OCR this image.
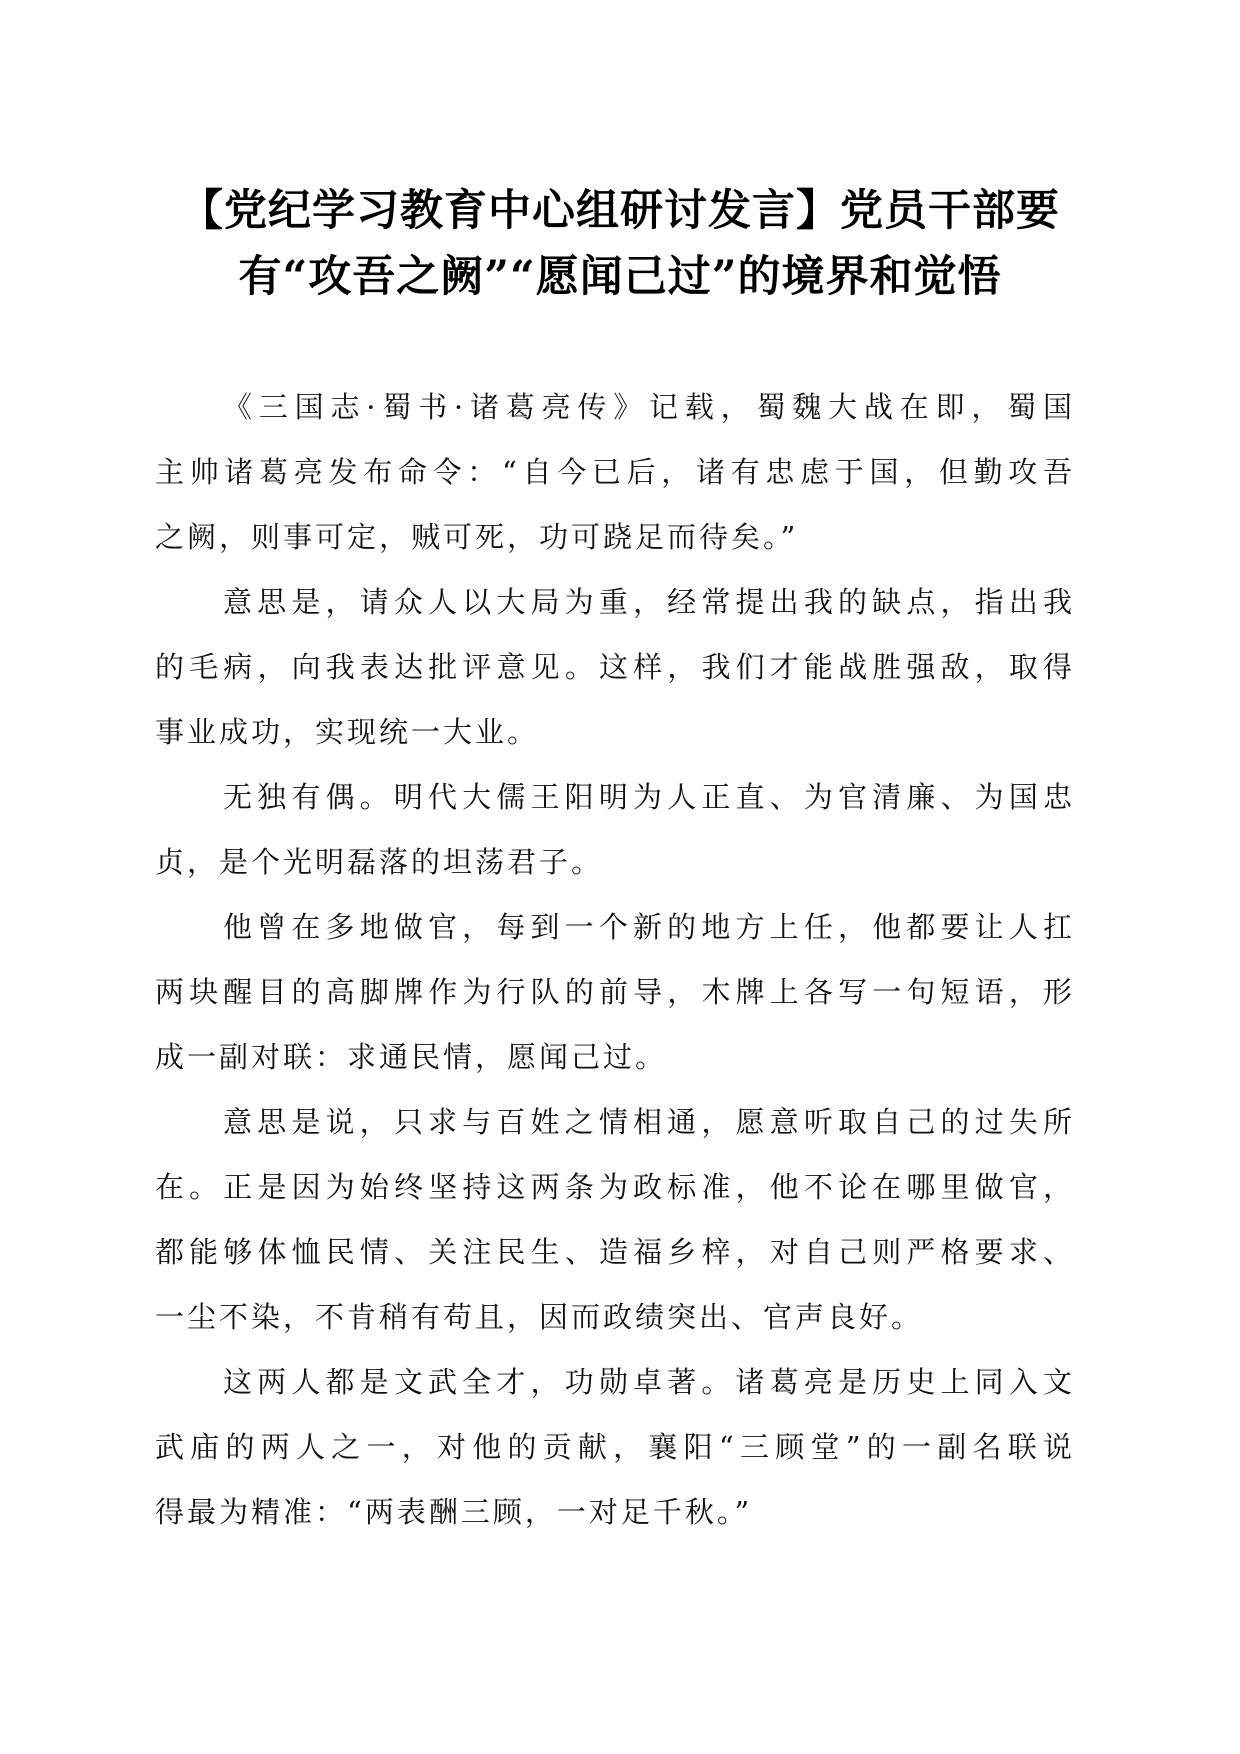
【党纪学习教育中心组研讨发言】党员干部要
有“攻吾之阙”“愿闻己过”的境界和觉悟

《三国志·蜀书·诸葛亮传》记载，蜀魏大战在即，蜀国
主帅诸葛亮发布命令：“自今已后，诸有忠虑于国，但勤攻吾
之阙，则事可定，贼可死，功可跷足而待矣。”

意思是，请众人以大局为重，经常提出我的缺点，指出我
的毛病，向我表达批评意见。这样，我们才能战胜强敌，取得
事业成功，实现统一大业。

无独有偶。明代大儒王阳明为人正直、为官清廉、为国忠
贞，是个光明磊落的坦荡君子。

他曾在多地做官，每到一个新的地方上任，他都要让人扛
两块醒目的高脚牌作为行队的前导，木牌上各写一句短语，形
成一副对联：求通民情，愿闻己过。

意思是说，只求与百姓之情相通，愿意听取自己的过失所
在。正是因为始终坚持这两条为政标准，他不论在哪里做官，
都能够体恤民情、关注民生、造福乡梓，对自己则严格要求、
一尘不染，不肯稍有苟且，因而政绩突出、官声良好。

这两人都是文武全才，功勋卓著。诸葛亮是历史上同入文
武庙的两人之一，对他的贡献，襄阳“三顾堂”的一副名联说
得最为精准：“两表酬三顾，一对足千秋。”
